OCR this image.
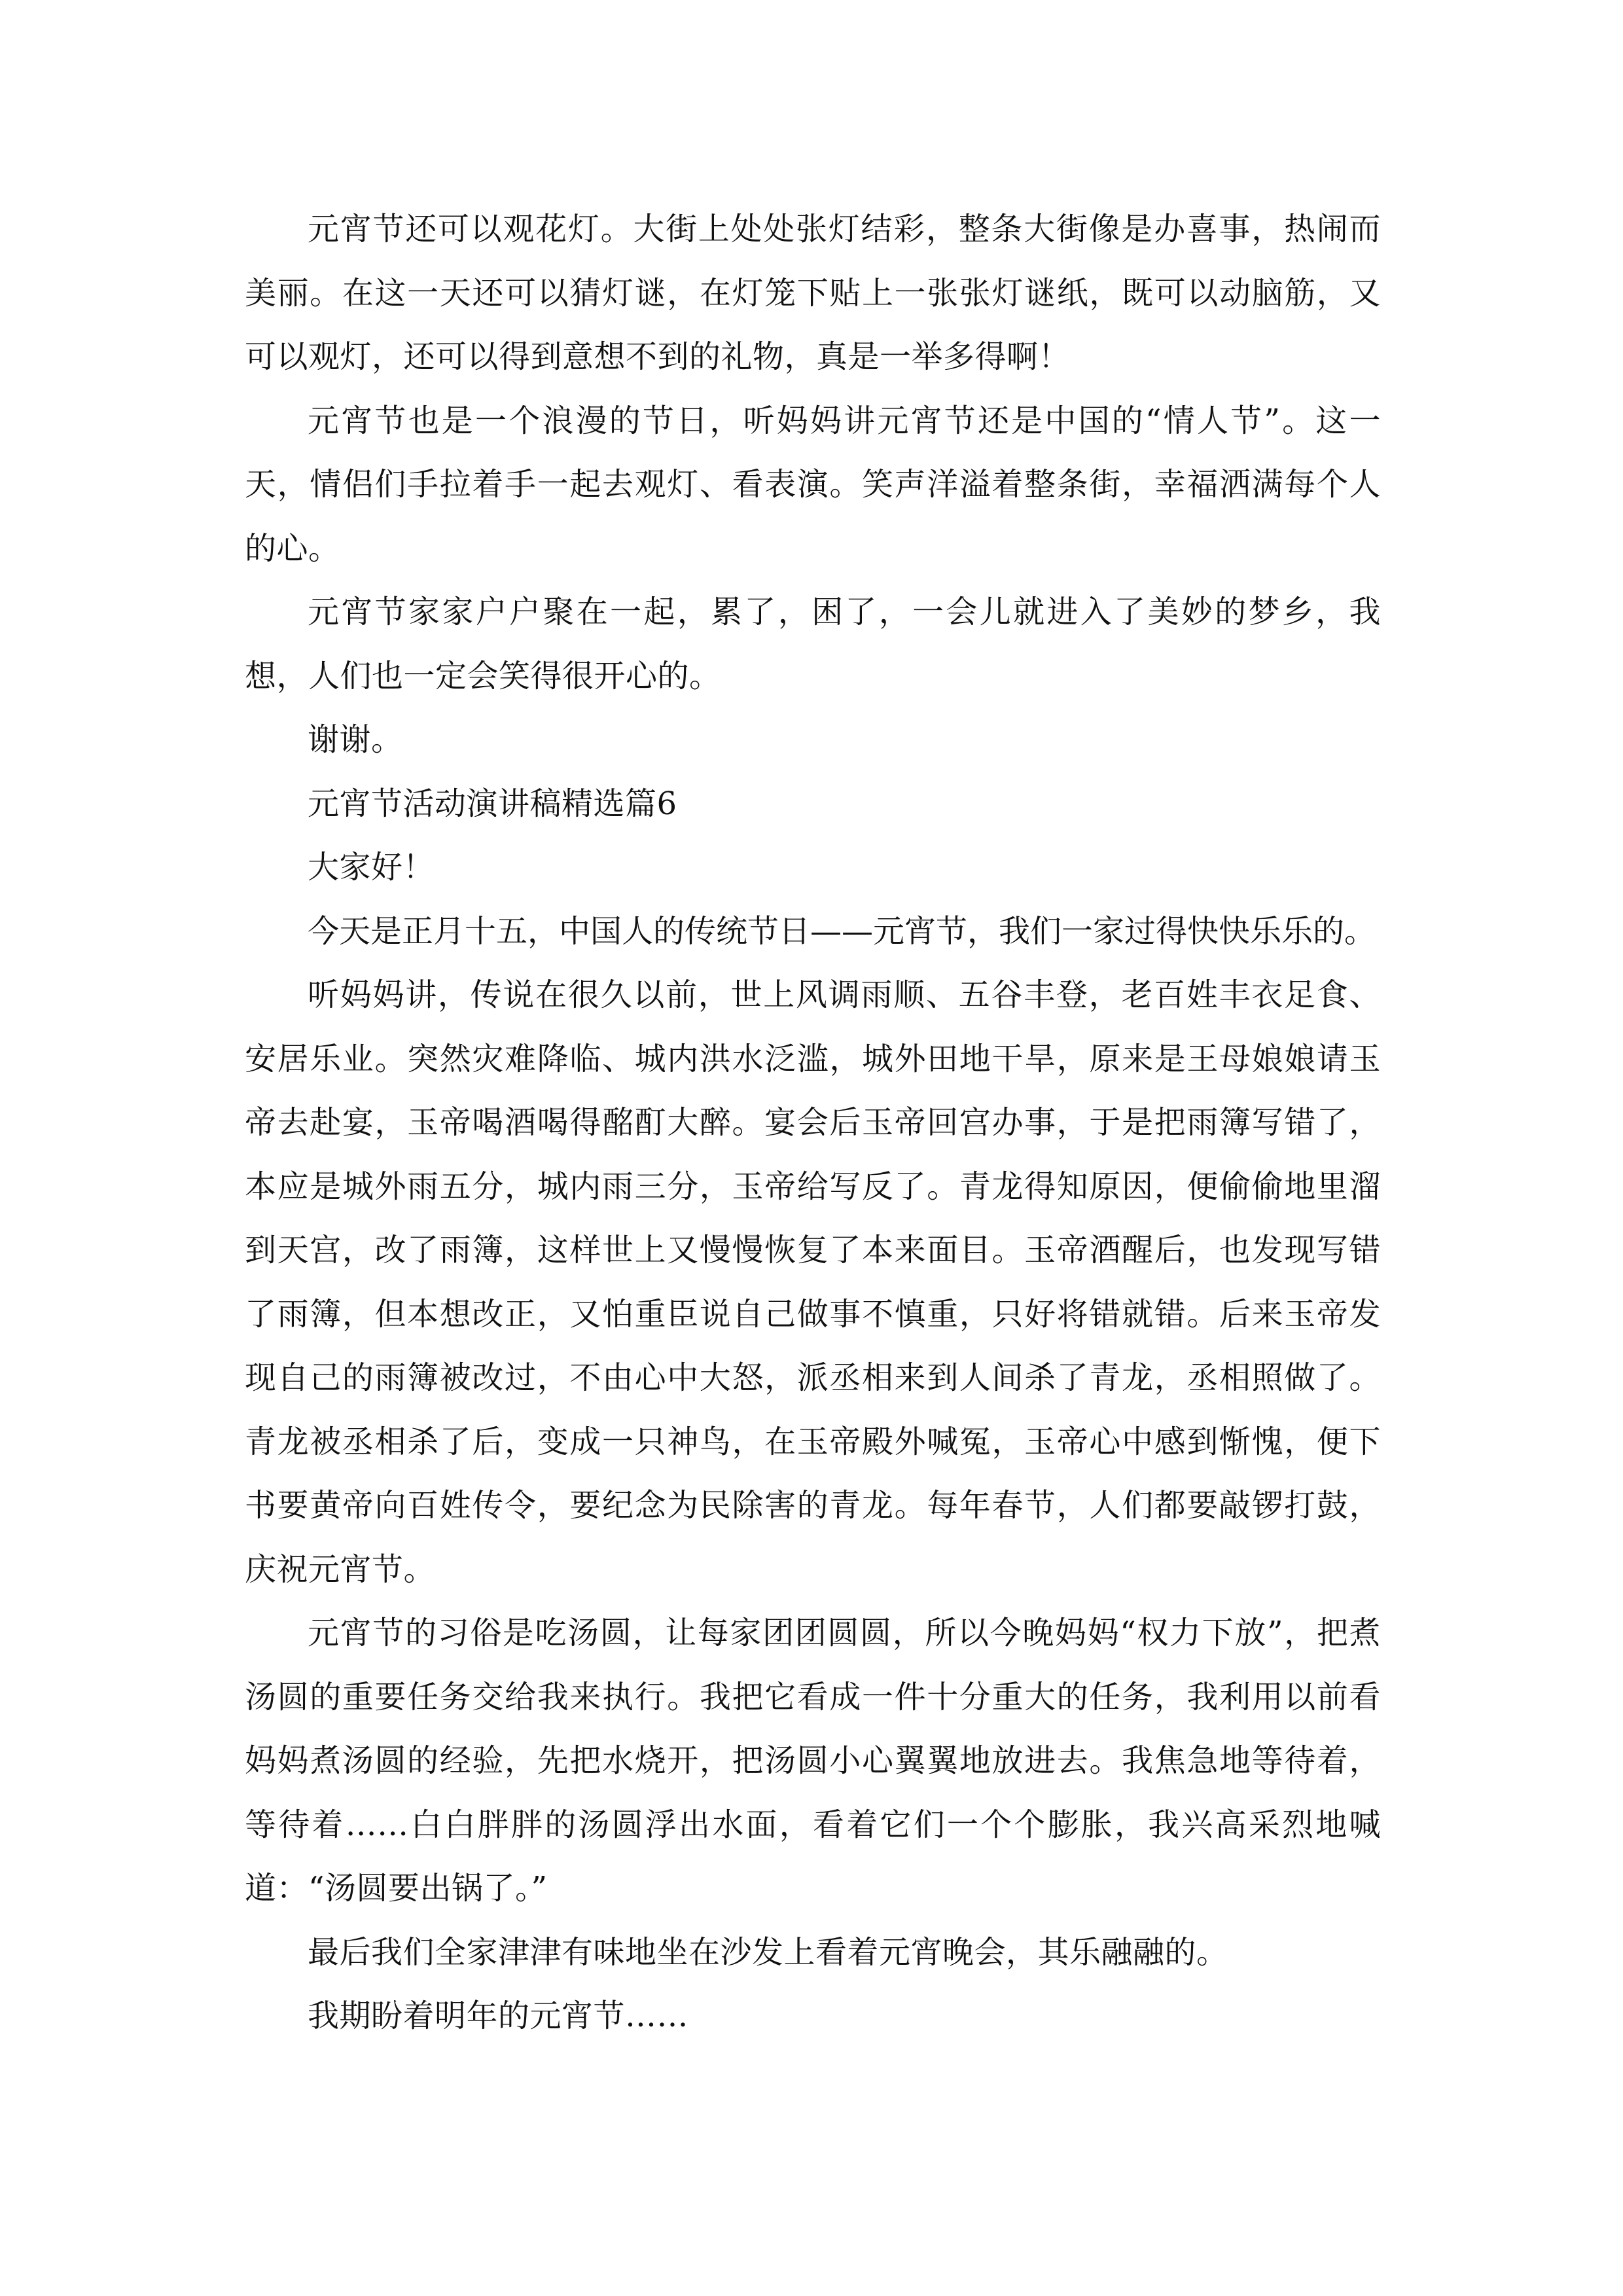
元宵节还可以观花灯。大街上处处张灯结彩，整条大街像是办喜事，热闹而美丽。在这一天还可以猜灯谜，在灯笼下贴上一张张灯谜纸，既可以动脑筋，又可以观灯，还可以得到意想不到的礼物，真是一举多得啊！

元宵节也是一个浪漫的节日，听妈妈讲元宵节还是中国的“情人节”。这一天，情侣们手拉着手一起去观灯、看表演。笑声洋溢着整条街，幸福洒满每个人的心。

元宵节家家户户聚在一起，累了，困了，一会儿就进入了美妙的梦乡，我想，人们也一定会笑得很开心的。

谢谢。

元宵节活动演讲稿精选篇6

大家好！

今天是正月十五，中国人的传统节日——元宵节，我们一家过得快快乐乐的。

听妈妈讲，传说在很久以前，世上风调雨顺、五谷丰登，老百姓丰衣足食、安居乐业。突然灾难降临、城内洪水泛滥，城外田地干旱，原来是王母娘娘请玉帝去赴宴，玉帝喝酒喝得酩酊大醉。宴会后玉帝回宫办事，于是把雨簿写错了，本应是城外雨五分，城内雨三分，玉帝给写反了。青龙得知原因，便偷偷地里溜到天宫，改了雨簿，这样世上又慢慢恢复了本来面目。玉帝酒醒后，也发现写错了雨簿，但本想改正，又怕重臣说自己做事不慎重，只好将错就错。后来玉帝发现自己的雨簿被改过，不由心中大怒，派丞相来到人间杀了青龙，丞相照做了。青龙被丞相杀了后，变成一只神鸟，在玉帝殿外喊冤，玉帝心中感到惭愧，便下书要黄帝向百姓传令，要纪念为民除害的青龙。每年春节，人们都要敲锣打鼓，庆祝元宵节。

元宵节的习俗是吃汤圆，让每家团团圆圆，所以今晚妈妈“权力下放”，把煮汤圆的重要任务交给我来执行。我把它看成一件十分重大的任务，我利用以前看妈妈煮汤圆的经验，先把水烧开，把汤圆小心翼翼地放进去。我焦急地等待着，等待着……白白胖胖的汤圆浮出水面，看着它们一个个膨胀，我兴高采烈地喊道：“汤圆要出锅了。”

最后我们全家津津有味地坐在沙发上看着元宵晚会，其乐融融的。

我期盼着明年的元宵节……
